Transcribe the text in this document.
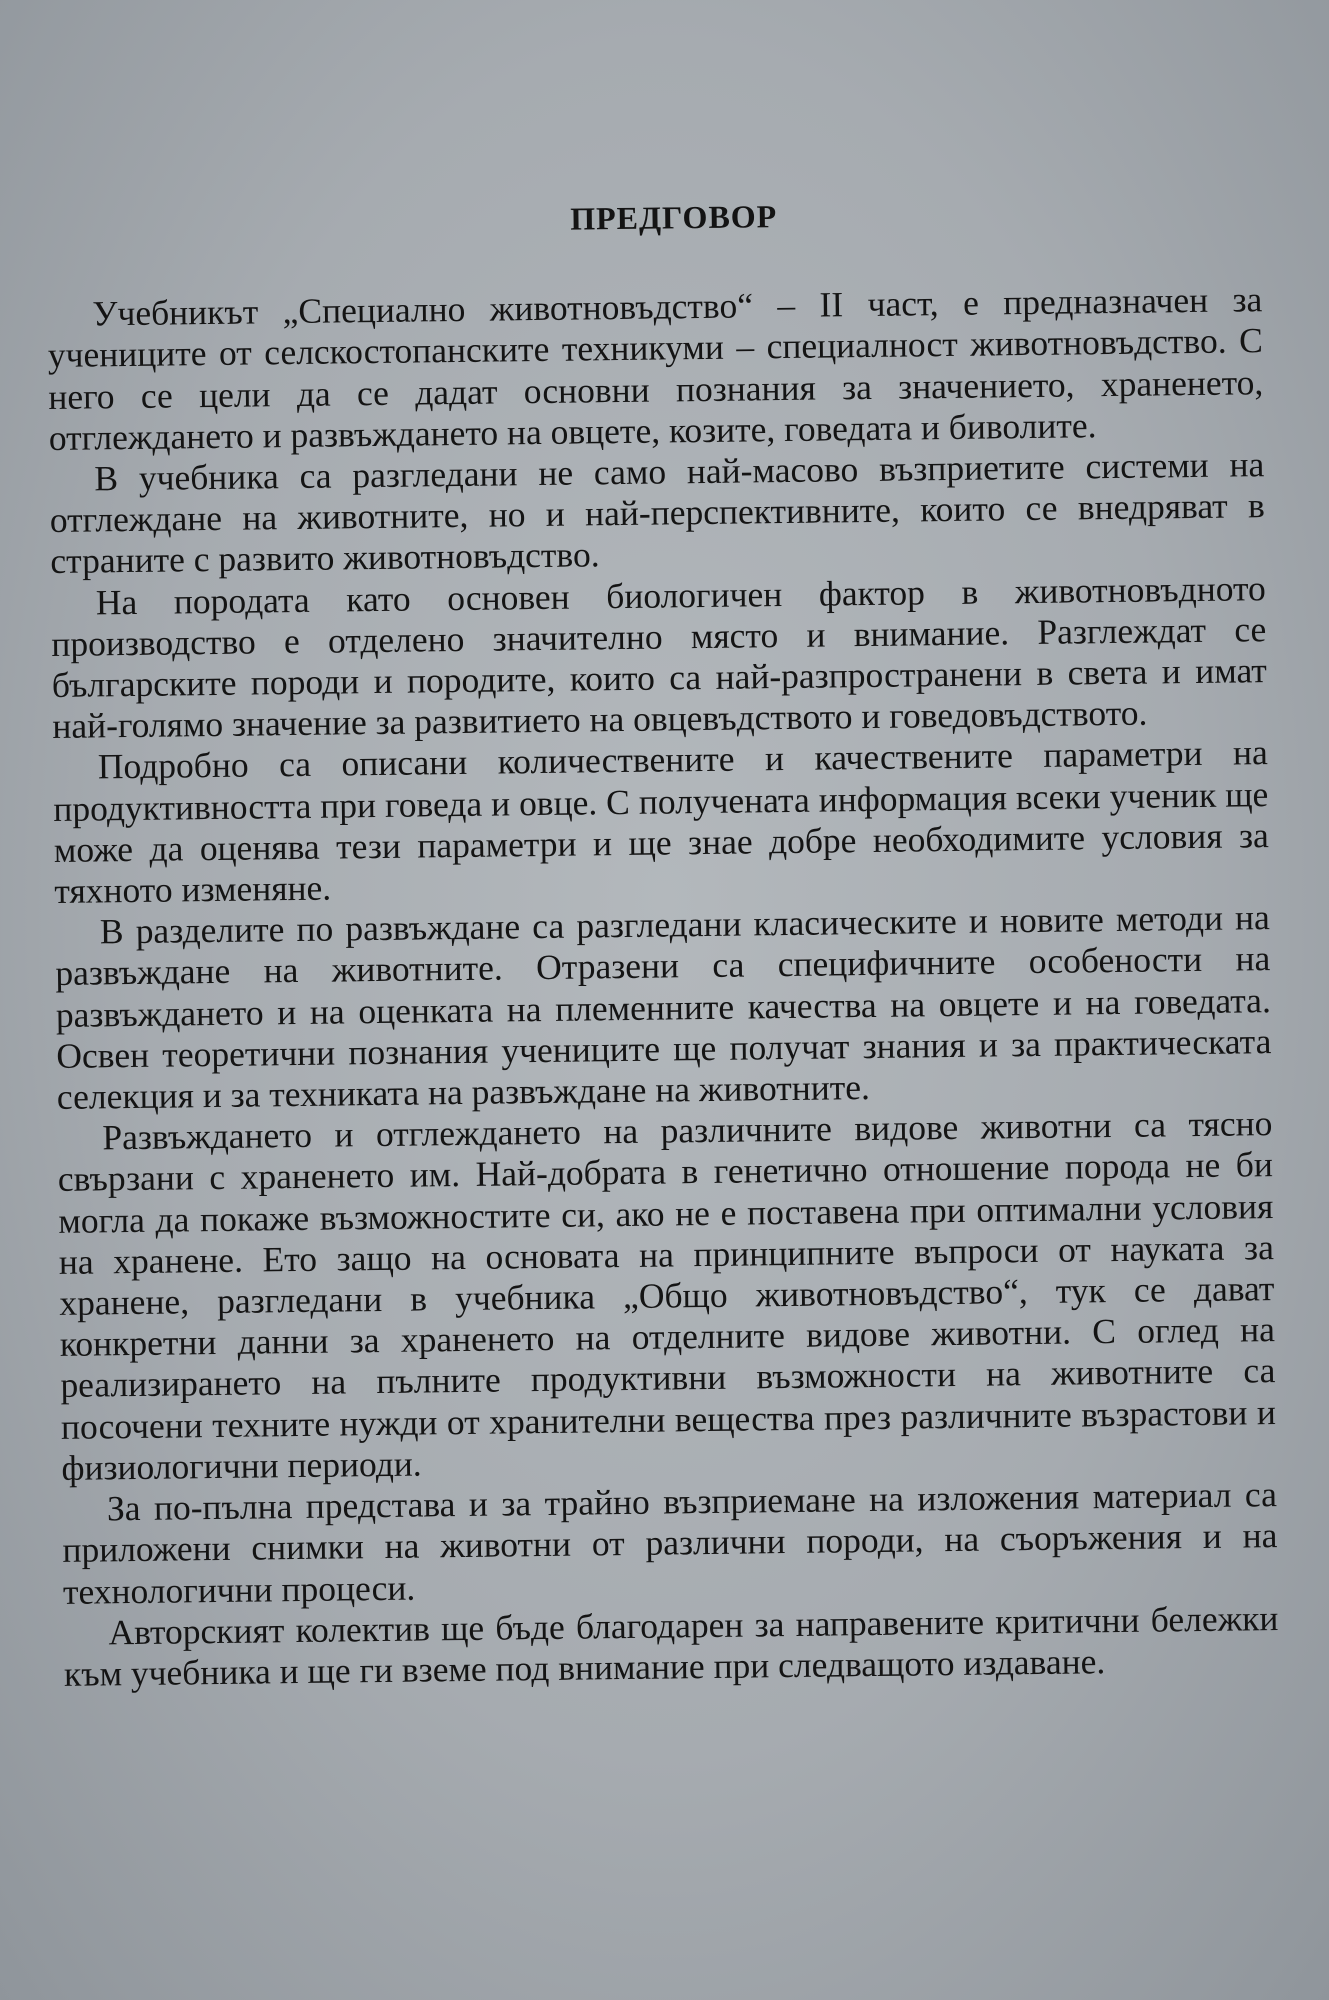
ПРЕДГОВОР

Учебникът „Специално животновъдство“ – II част, е предназначен за учениците от селскостопанските техникуми – специалност животновъдство. С него се цели да се дадат основни познания за значението, храненето, отглеждането и развъждането на овцете, козите, говедата и биволите.

В учебника са разгледани не само най-масово възприетите системи на отглеждане на животните, но и най-перспективните, които се внедряват в страните с развито животновъдство.

На породата като основен биологичен фактор в животновъдното производство е отделено значително място и внимание. Разглеждат се българските породи и породите, които са най-разпространени в света и имат най-голямо значение за развитието на овцевъдството и говедовъдството.

Подробно са описани количествените и качествените параметри на продуктивността при говеда и овце. С получената информация всеки ученик ще може да оценява тези параметри и ще знае добре необходимите условия за тяхното изменяне.

В разделите по развъждане са разгледани класическите и новите методи на развъждане на животните. Отразени са специфичните особености на развъждането и на оценката на племенните качества на овцете и на говедата. Освен теоретични познания учениците ще получат знания и за практическата селекция и за техниката на развъждане на животните.

Развъждането и отглеждането на различните видове животни са тясно свързани с храненето им. Най-добрата в генетично отношение порода не би могла да покаже възможностите си, ако не е поставена при оптимални условия на хранене. Ето защо на основата на принципните въпроси от науката за хранене, разгледани в учебника „Общо животновъдство“, тук се дават конкретни данни за храненето на отделните видове животни. С оглед на реализирането на пълните продуктивни възможности на животните са посочени техните нужди от хранителни вещества през различните възрастови и физиологични периоди.

За по-пълна представа и за трайно възприемане на изложения материал са приложени снимки на животни от различни породи, на съоръжения и на технологични процеси.

Авторският колектив ще бъде благодарен за направените критични бележки към учебника и ще ги вземе под внимание при следващото издаване.
